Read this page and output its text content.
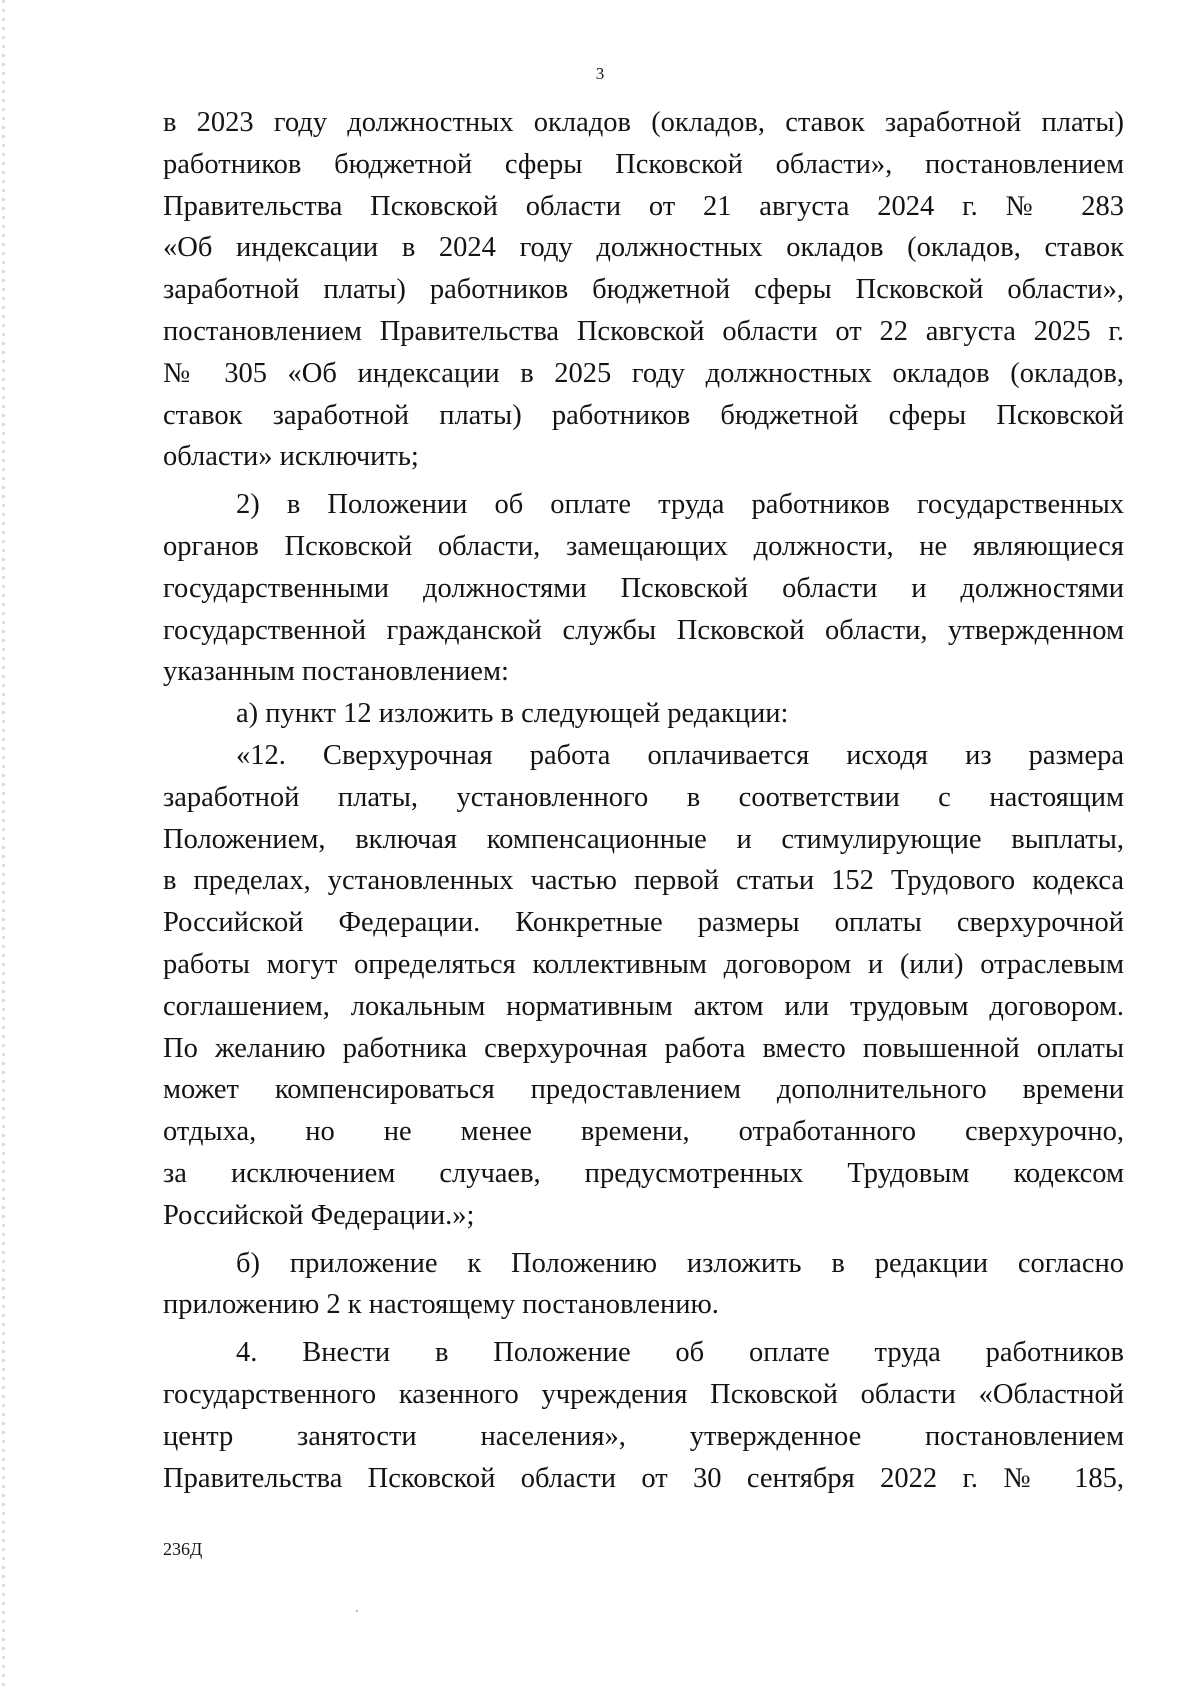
3
в 2023 году должностных окладов (окладов, ставок заработной платы)
работников бюджетной сферы Псковской области», постановлением
Правительства Псковской области от 21 августа 2024 г. № 283
«Об индексации в 2024 году должностных окладов (окладов, ставок
заработной платы) работников бюджетной сферы Псковской области»,
постановлением Правительства Псковской области от 22 августа 2025 г.
№ 305 «Об индексации в 2025 году должностных окладов (окладов,
ставок заработной платы) работников бюджетной сферы Псковской
области» исключить;
2) в Положении об оплате труда работников государственных
органов Псковской области, замещающих должности, не являющиеся
государственными должностями Псковской области и должностями
государственной гражданской службы Псковской области, утвержденном
указанным постановлением:
а) пункт 12 изложить в следующей редакции:
«12. Сверхурочная работа оплачивается исходя из размера
заработной платы, установленного в соответствии с настоящим
Положением, включая компенсационные и стимулирующие выплаты,
в пределах, установленных частью первой статьи 152 Трудового кодекса
Российской Федерации. Конкретные размеры оплаты сверхурочной
работы могут определяться коллективным договором и (или) отраслевым
соглашением, локальным нормативным актом или трудовым договором.
По желанию работника сверхурочная работа вместо повышенной оплаты
может компенсироваться предоставлением дополнительного времени
отдыха, но не менее времени, отработанного сверхурочно,
за исключением случаев, предусмотренных Трудовым кодексом
Российской Федерации.»;
б) приложение к Положению изложить в редакции согласно
приложению 2 к настоящему постановлению.
4. Внести в Положение об оплате труда работников
государственного казенного учреждения Псковской области «Областной
центр занятости населения», утвержденное постановлением
Правительства Псковской области от 30 сентября 2022 г. № 185,
236Д
